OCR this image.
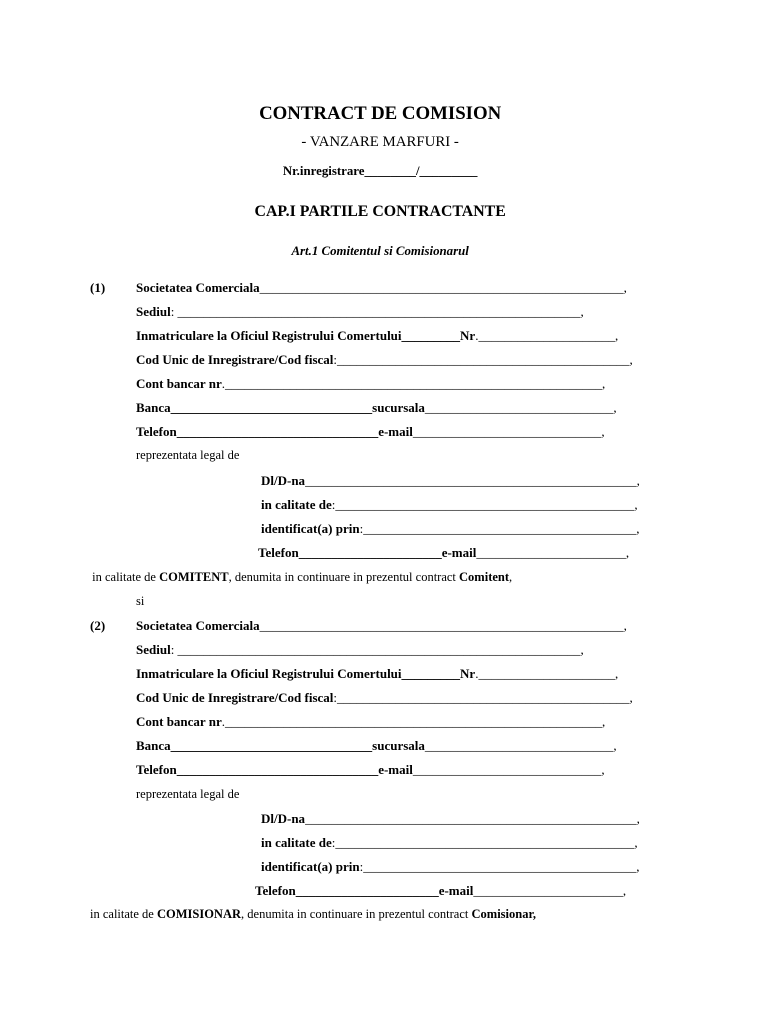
CONTRACT DE COMISION
- VANZARE MARFURI -
Nr.inregistrare________/_________
CAP.I PARTILE CONTRACTANTE
Art.1 Comitentul si Comisionarul
(1) Societatea Comerciala________________________________________________________,
Sediul: ______________________________________________________________,
Inmatriculare la Oficiul Registrului Comertului_________Nr._____________________,
Cod Unic de Inregistrare/Cod fiscal:_____________________________________________,
Cont bancar nr.__________________________________________________________,
Banca_______________________________sucursala_____________________________,
Telefon_______________________________e-mail_____________________________,
reprezentata legal de
Dl/D-na___________________________________________________,
in calitate de:______________________________________________,
identificat(a) prin:__________________________________________,
Telefon______________________e-mail_______________________,
in calitate de COMITENT, denumita in continuare in prezentul contract Comitent,
si
(2) Societatea Comerciala________________________________________________________,
Sediul: ______________________________________________________________,
Inmatriculare la Oficiul Registrului Comertului_________Nr._____________________,
Cod Unic de Inregistrare/Cod fiscal:_____________________________________________,
Cont bancar nr.__________________________________________________________,
Banca_______________________________sucursala_____________________________,
Telefon_______________________________e-mail_____________________________,
reprezentata legal de
Dl/D-na___________________________________________________,
in calitate de:______________________________________________,
identificat(a) prin:__________________________________________,
Telefon______________________e-mail_______________________,
in calitate de COMISIONAR, denumita in continuare in prezentul contract Comisionar,
